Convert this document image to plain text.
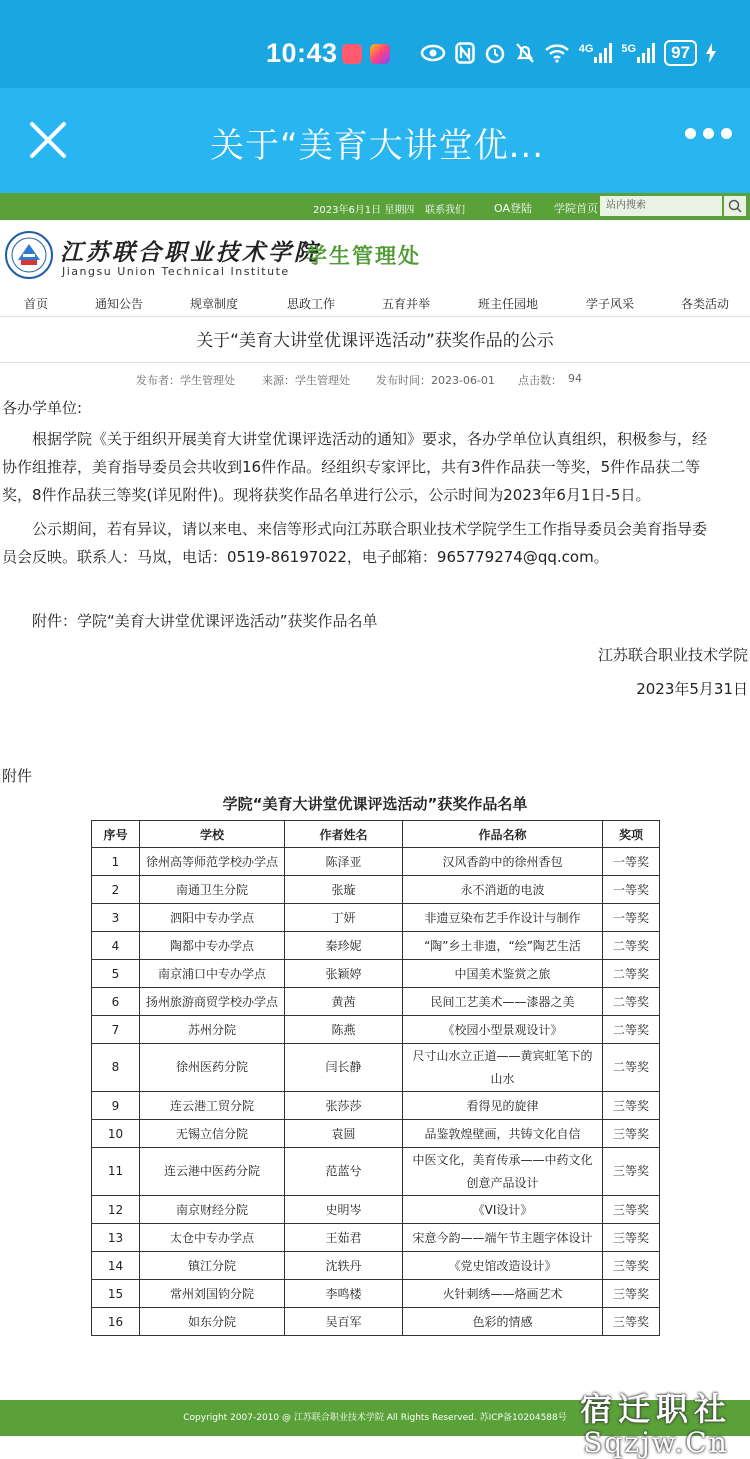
10:43	4G	5G	97
关于“美育大讲堂优...
2023年6月1日 星期四 联系我们	OA登陆 学院首页 站内搜索
江苏联合职业技术学院
Jiangsu Union Technical Institute
学生管理处
首页	通知公告	规章制度	思政工作	五育并举	班主任园地	学子风采	各类活动
关于“美育大讲堂优课评选活动”获奖作品的公示
发布者：学生管理处 来源：学生管理处 发布时间：2023-06-01 点击数： 94
各办学单位:
根据学院《关于组织开展美育大讲堂优课评选活动的通知》要求，各办学单位认真组织，积极参与，经
协作组推荐，美育指导委员会共收到16件作品。经组织专家评比，共有3件作品获一等奖，5件作品获二等
奖，8件作品获三等奖(详见附件)。现将获奖作品名单进行公示，公示时间为2023年6月1日-5日。
公示期间，若有异议，请以来电、来信等形式向江苏联合职业技术学院学生工作指导委员会美育指导委
员会反映。联系人：马岚，电话：0519-86197022，电子邮箱：965779274@qq.com。
附件：学院“美育大讲堂优课评选活动”获奖作品名单
江苏联合职业技术学院
2023年5月31日
附件
学院“美育大讲堂优课评选活动”获奖作品名单
序号	学校	作者姓名	作品名称	奖项
1	徐州高等师范学校办学点	陈泽亚	汉风香韵中的徐州香包	一等奖
2	南通卫生分院	张璇	永不消逝的电波	一等奖
3	泗阳中专办学点	丁妍	非遗豆染布艺手作设计与制作	一等奖
4	陶都中专办学点	秦珍妮	“陶”乡土非遗，“绘”陶艺生活	二等奖
5	南京浦口中专办学点	张颖婷	中国美术鉴赏之旅	二等奖
6	扬州旅游商贸学校办学点	黄茜	民间工艺美术——漆器之美	二等奖
7	苏州分院	陈燕	《校园小型景观设计》	二等奖
8	徐州医药分院	闫长静	尺寸山水立正道——黄宾虹笔下的山水	二等奖
9	连云港工贸分院	张莎莎	看得见的旋律	三等奖
10	无锡立信分院	袁圆	品鉴敦煌壁画，共铸文化自信	三等奖
11	连云港中医药分院	范蓝兮	中医文化，美育传承——中药文化创意产品设计	三等奖
12	南京财经分院	史明岑	《VI设计》	三等奖
13	太仓中专办学点	王茹君	宋意今韵——端午节主题字体设计	三等奖
14	镇江分院	沈轶丹	《党史馆改造设计》	三等奖
15	常州刘国钧分院	李鸣楼	火针刺绣——烙画艺术	三等奖
16	如东分院	吴百军	色彩的情感	三等奖
Copyright 2007-2010 @ 江苏联合职业技术学院 All Rights Reserved. 苏ICP备10204588号 宿迁职社
Sqzjw.Cn
